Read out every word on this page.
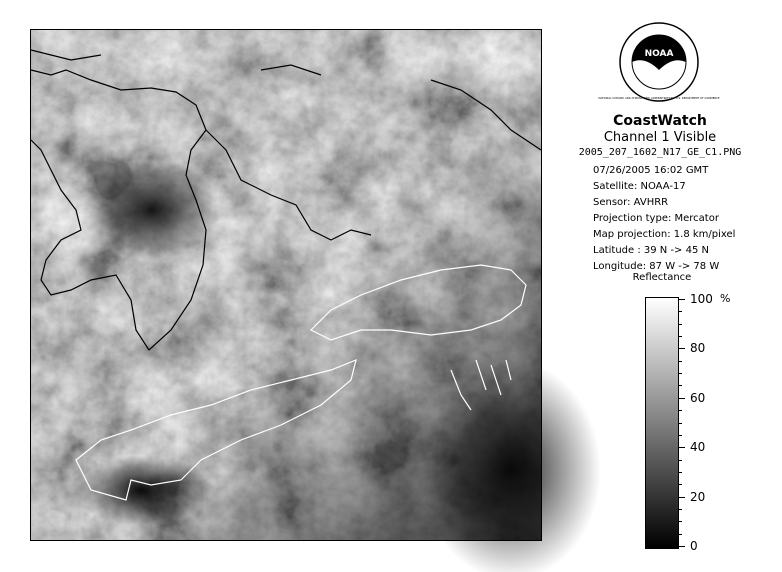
NOAA
NATIONAL OCEANIC AND ATMOSPHERIC ADMINISTRATION · U.S. DEPARTMENT OF COMMERCE
CoastWatch
Channel 1 Visible
2005_207_1602_N17_GE_C1.PNG
07/26/2005 16:02 GMT
Satellite: NOAA-17
Sensor: AVHRR
Projection type: Mercator
Map projection: 1.8 km/pixel
Latitude : 39 N -> 45 N
Longitude: 87 W -> 78 W
Reflectance
%
100
80
60
40
20
0
